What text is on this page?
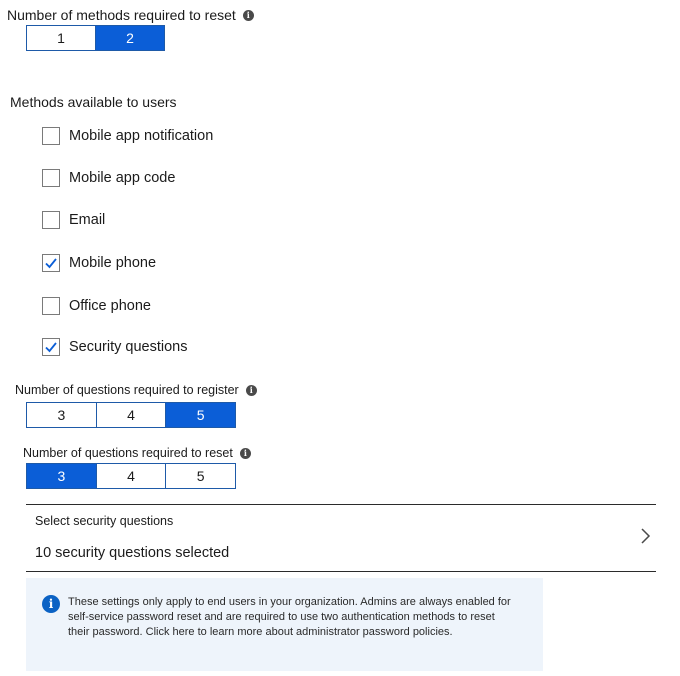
Number of methods required to reset	i
1	2
Methods available to users
Mobile app notification
Mobile app code
Email
Mobile phone
Office phone
Security questions
Number of questions required to register	i
3	4	5
Number of questions required to reset	i
3	4	5
Select security questions
10 security questions selected
i	These settings only apply to end users in your organization. Admins are always enabled for self-service password reset and are required to use two authentication methods to reset their password. Click here to learn more about administrator password policies.
